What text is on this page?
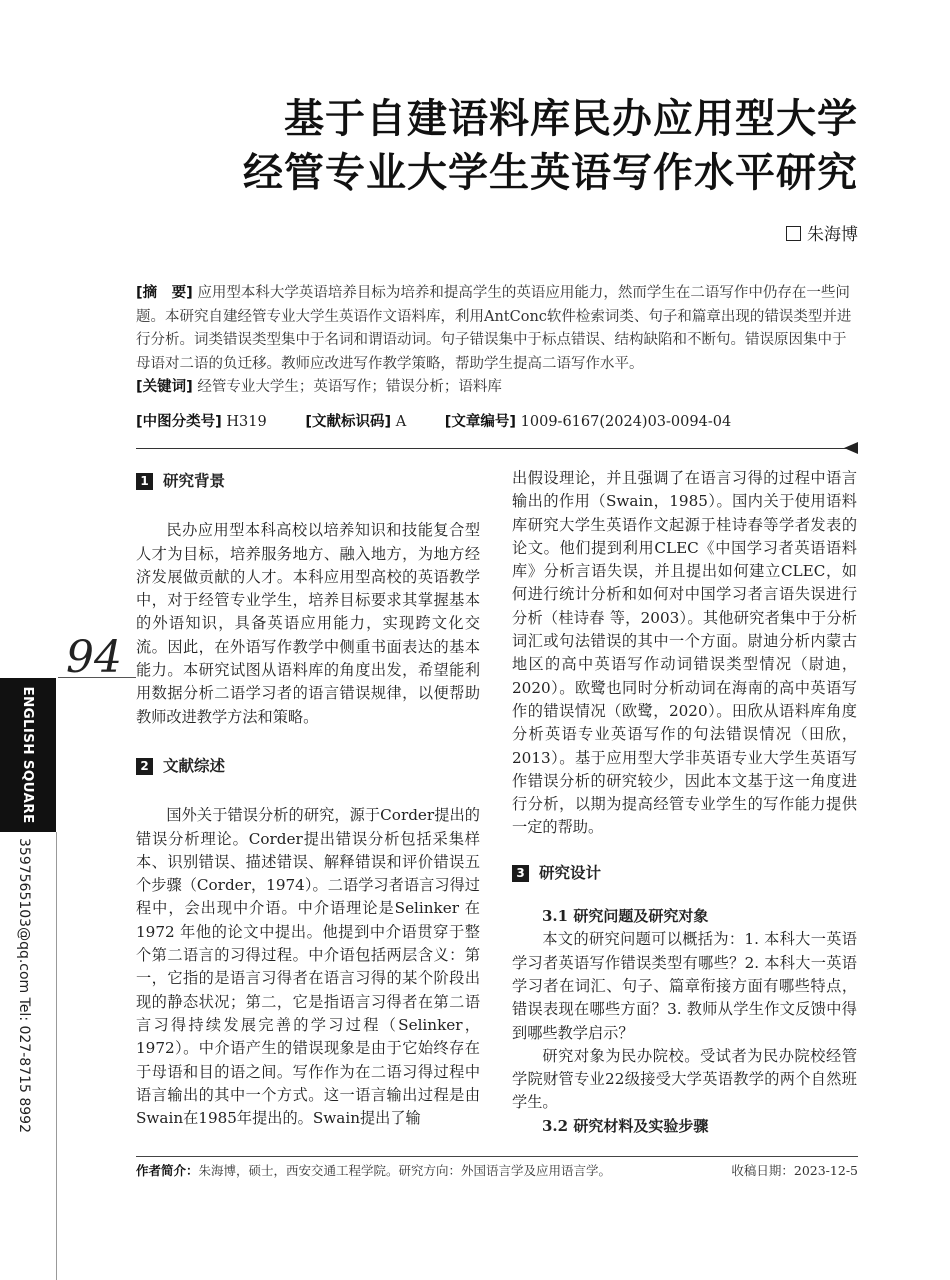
基于自建语料库民办应用型大学
经管专业大学生英语写作水平研究
朱海博

[摘　要] 应用型本科大学英语培养目标为培养和提高学生的英语应用能力，然而学生在二语写作中仍存在一些问题。本研究自建经管专业大学生英语作文语料库，利用AntConc软件检索词类、句子和篇章出现的错误类型并进行分析。词类错误类型集中于名词和谓语动词。句子错误集中于标点错误、结构缺陷和不断句。错误原因集中于母语对二语的负迁移。教师应改进写作教学策略，帮助学生提高二语写作水平。

[关键词] 经管专业大学生；英语写作；错误分析；语料库

[中图分类号] H319	[文献标识码] A	[文章编号] 1009-6167(2024)03-0094-04
94
ENGLISH SQUARE
3597565103@qq.com Tel: 027-8715 8992
1 研究背景

民办应用型本科高校以培养知识和技能复合型人才为目标，培养服务地方、融入地方，为地方经济发展做贡献的人才。本科应用型高校的英语教学中，对于经管专业学生，培养目标要求其掌握基本的外语知识，具备英语应用能力，实现跨文化交流。因此，在外语写作教学中侧重书面表达的基本能力。本研究试图从语料库的角度出发，希望能利用数据分析二语学习者的语言错误规律，以便帮助教师改进教学方法和策略。

2 文献综述

国外关于错误分析的研究，源于Corder提出的错误分析理论。Corder提出错误分析包括采集样本、识别错误、描述错误、解释错误和评价错误五个步骤（Corder，1974）。二语学习者语言习得过程中，会出现中介语。中介语理论是Selinker 在 1972 年他的论文中提出。他提到中介语贯穿于整个第二语言的习得过程。中介语包括两层含义：第一，它指的是语言习得者在语言习得的某个阶段出现的静态状况；第二，它是指语言习得者在第二语言习得持续发展完善的学习过程（Selinker，1972）。中介语产生的错误现象是由于它始终存在于母语和目的语之间。写作作为在二语习得过程中语言输出的其中一个方式。这一语言输出过程是由Swain在1985年提出的。Swain提出了输

出假设理论，并且强调了在语言习得的过程中语言输出的作用（Swain，1985）。国内关于使用语料库研究大学生英语作文起源于桂诗春等学者发表的论文。他们提到利用CLEC《中国学习者英语语料库》分析言语失误，并且提出如何建立CLEC，如何进行统计分析和如何对中国学习者言语失误进行分析（桂诗春 等，2003）。其他研究者集中于分析词汇或句法错误的其中一个方面。尉迪分析内蒙古地区的高中英语写作动词错误类型情况（尉迪，2020）。欧鹭也同时分析动词在海南的高中英语写作的错误情况（欧鹭，2020）。田欣从语料库角度分析英语专业英语写作的句法错误情况（田欣，2013）。基于应用型大学非英语专业大学生英语写作错误分析的研究较少，因此本文基于这一角度进行分析，以期为提高经管专业学生的写作能力提供一定的帮助。

3 研究设计

3.1 研究问题及研究对象

本文的研究问题可以概括为：1. 本科大一英语学习者英语写作错误类型有哪些？2. 本科大一英语学习者在词汇、句子、篇章衔接方面有哪些特点，错误表现在哪些方面？3. 教师从学生作文反馈中得到哪些教学启示？

研究对象为民办院校。受试者为民办院校经管学院财管专业22级接受大学英语教学的两个自然班学生。

3.2 研究材料及实验步骤

作者简介：朱海博，硕士，西安交通工程学院。研究方向：外国语言学及应用语言学。	收稿日期：2023-12-5
